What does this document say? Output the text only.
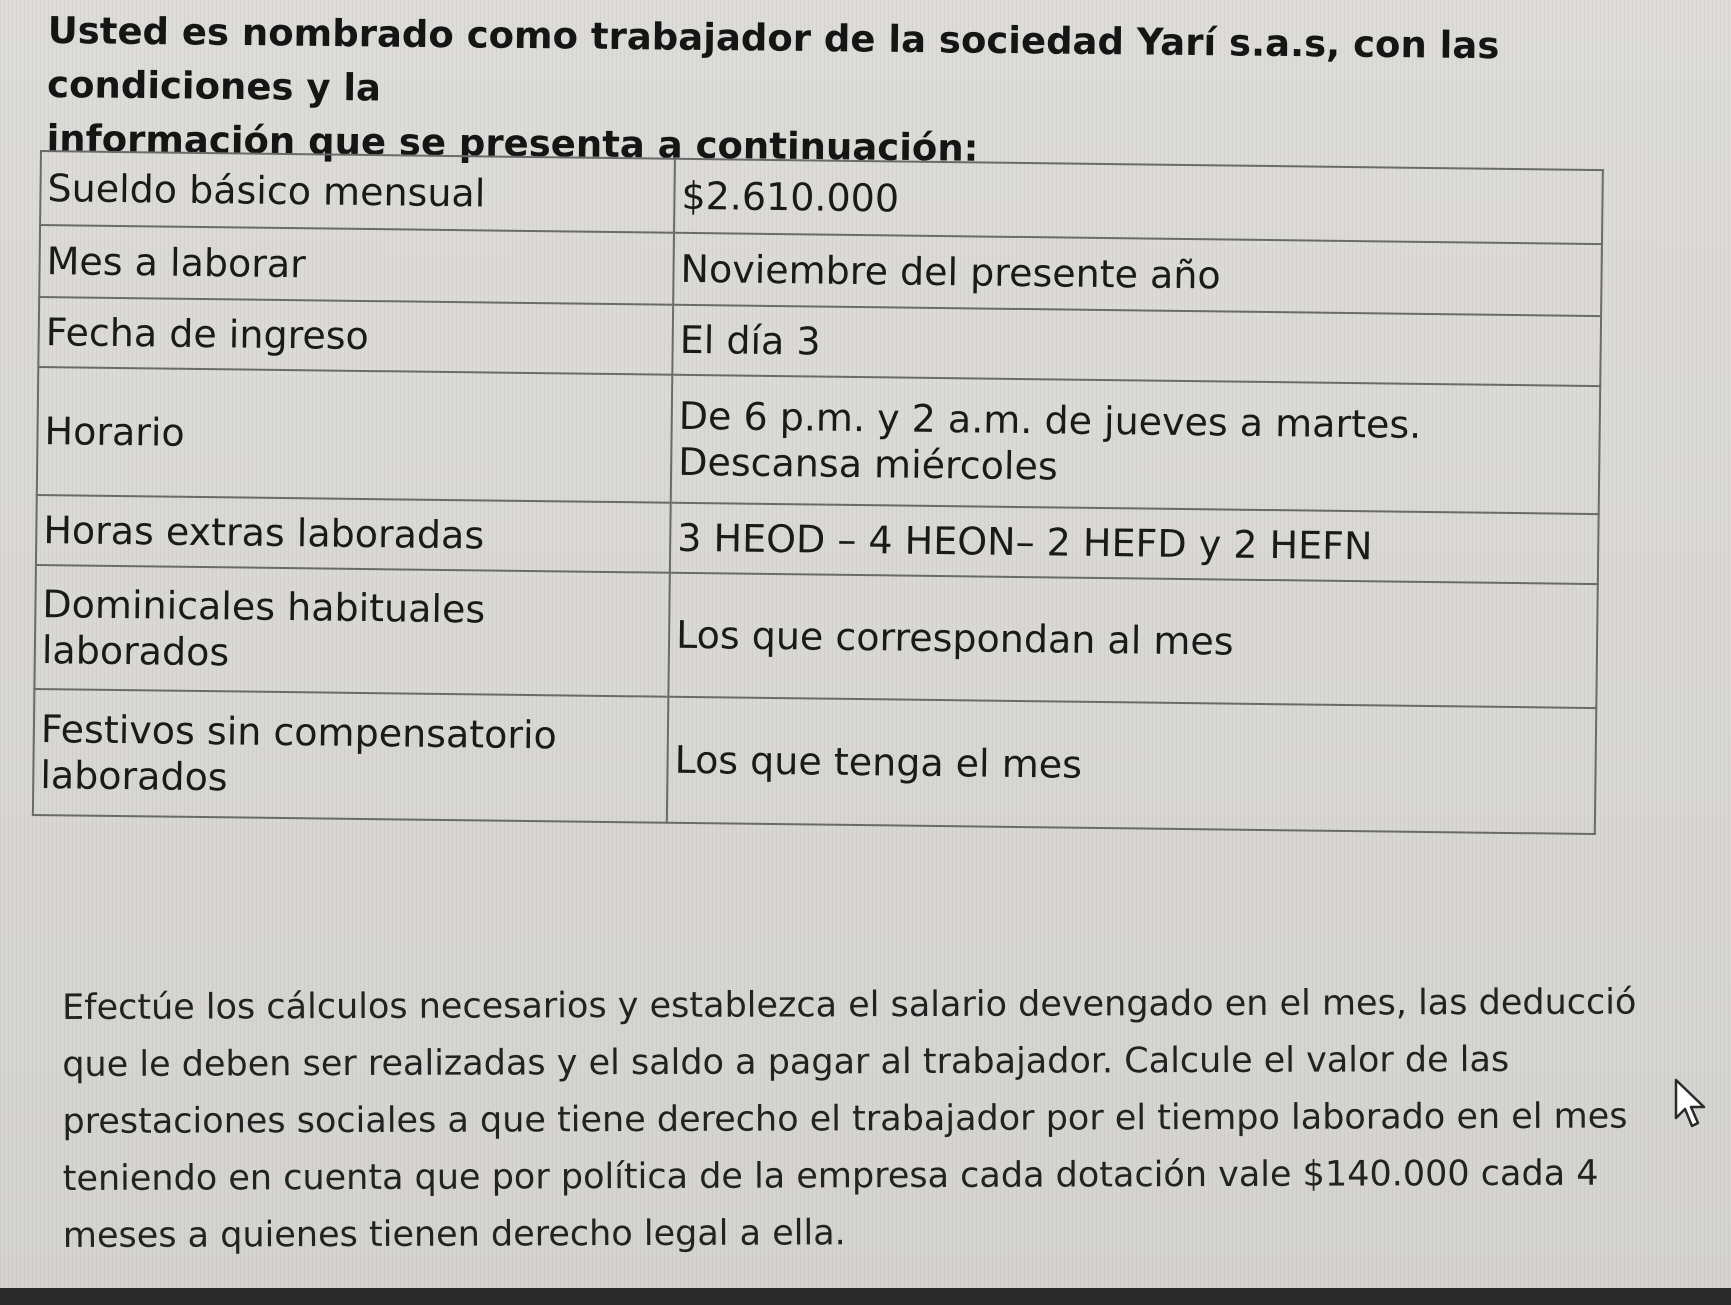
Usted es nombrado como trabajador de la sociedad Yarí s.a.s, con las condiciones y la
información que se presenta a continuación:
Sueldo básico mensual	$2.610.000
Mes a laborar	Noviembre del presente año
Fecha de ingreso	El día 3
Horario	De 6 p.m. y 2 a.m. de jueves a martes. Descansa miércoles
Horas extras laboradas	3 HEOD – 4 HEON– 2 HEFD y 2 HEFN
Dominicales habituales laborados	Los que correspondan al mes
Festivos sin compensatorio laborados	Los que tenga el mes
Efectúe los cálculos necesarios y establezca el salario devengado en el mes, las deducció
que le deben ser realizadas y el saldo a pagar al trabajador. Calcule el valor de las
prestaciones sociales a que tiene derecho el trabajador por el tiempo laborado en el mes
teniendo en cuenta que por política de la empresa cada dotación vale $140.000 cada 4
meses a quienes tienen derecho legal a ella.
